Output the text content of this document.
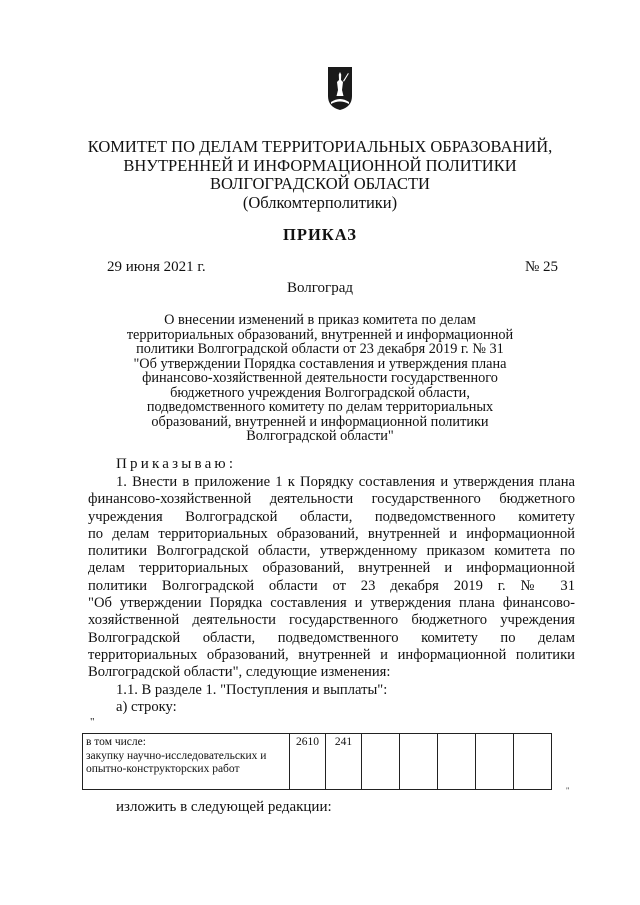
КОМИТЕТ ПО ДЕЛАМ ТЕРРИТОРИАЛЬНЫХ ОБРАЗОВАНИЙ,
ВНУТРЕННЕЙ И ИНФОРМАЦИОННОЙ ПОЛИТИКИ
ВОЛГОГРАДСКОЙ ОБЛАСТИ
(Облкомтерполитики)
ПРИКАЗ
29 июня 2021 г.	№ 25
Волгоград
О внесении изменений в приказ комитета по делам
территориальных образований, внутренней и информационной
политики Волгоградской области от 23 декабря 2019 г. № 31
"Об утверждении Порядка составления и утверждения плана
финансово-хозяйственной деятельности государственного
бюджетного учреждения Волгоградской области,
подведомственного комитету по делам территориальных
образований, внутренней и информационной политики
Волгоградской области"
Приказываю:
1. Внести в приложение 1 к Порядку составления и утверждения плана
финансово-хозяйственной деятельности государственного бюджетного
учреждения Волгоградской области, подведомственного комитету
по делам территориальных образований, внутренней и информационной
политики Волгоградской области, утвержденному приказом комитета по
делам территориальных образований, внутренней и информационной
политики Волгоградской области от 23 декабря 2019 г. № 31
"Об утверждении Порядка составления и утверждения плана финансово-
хозяйственной деятельности государственного бюджетного учреждения
Волгоградской области, подведомственного комитету по делам
территориальных образований, внутренней и информационной политики
Волгоградской области", следующие изменения:
1.1. В разделе 1. "Поступления и выплаты":
а) строку:
"
в том числе:
закупку научно-исследовательских и
опытно-конструкторских работ
	2610	241					
"
изложить в следующей редакции:
